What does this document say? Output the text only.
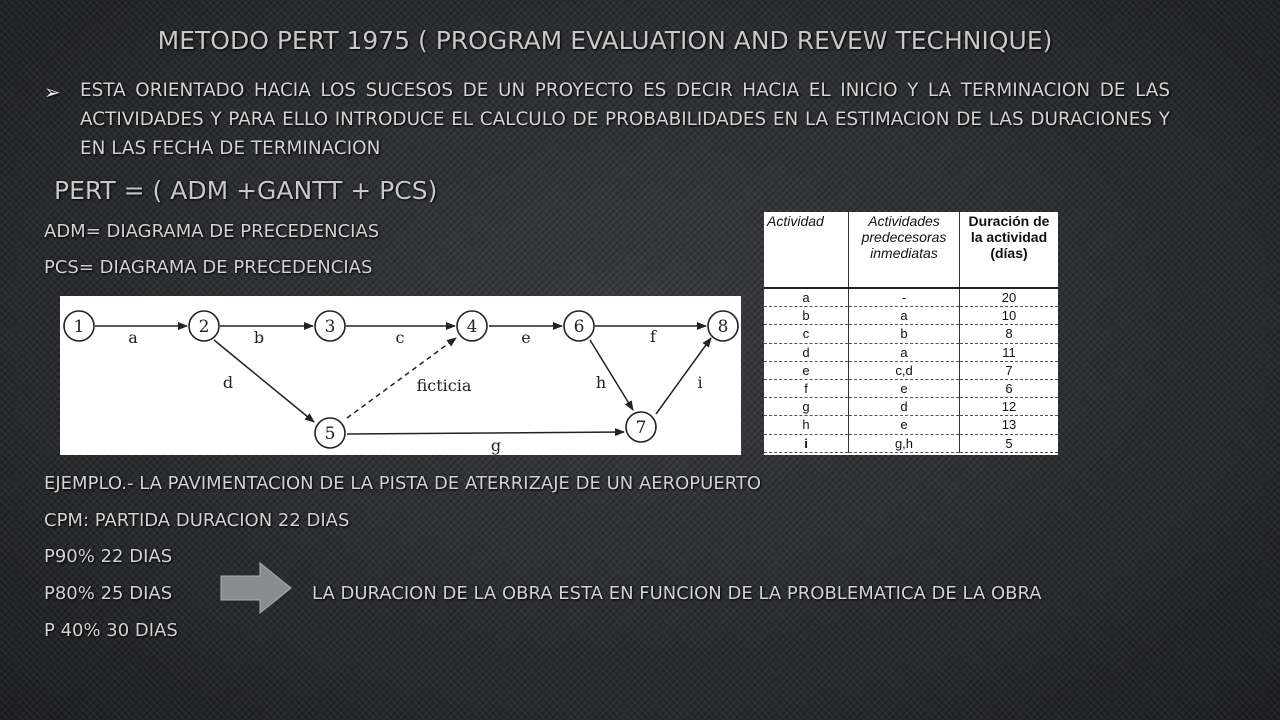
METODO PERT 1975 ( PROGRAM EVALUATION AND REVEW TECHNIQUE)
➢ ESTA ORIENTADO HACIA LOS SUCESOS DE UN PROYECTO ES DECIR HACIA EL INICIO Y LA TERMINACION DE LAS ACTIVIDADES Y PARA ELLO INTRODUCE EL CALCULO DE PROBABILIDADES EN LA ESTIMACION DE LAS DURACIONES Y EN LAS FECHA DE TERMINACION
PERT = ( ADM +GANTT + PCS)
ADM= DIAGRAMA DE PRECEDENCIAS
PCS= DIAGRAMA DE PRECEDENCIAS
1	2	3	4
5
6
7
8
a	b	c
d
e	f
g
h	i
ficticia
Actividad	Actividades predecesoras inmediatas	Duración de la actividad (días)
a	-	20
b	a	10
c	b	8
d	a	11
e	c,d	7
f	e	6
g	d	12
h	e	13
i	g,h	5
EJEMPLO.- LA PAVIMENTACION DE LA PISTA DE ATERRIZAJE DE UN AEROPUERTO
CPM: PARTIDA DURACION 22 DIAS
P90% 22 DIAS
P80% 25 DIAS
P 40% 30 DIAS
LA DURACION DE LA OBRA ESTA EN FUNCION DE LA PROBLEMATICA DE LA OBRA
